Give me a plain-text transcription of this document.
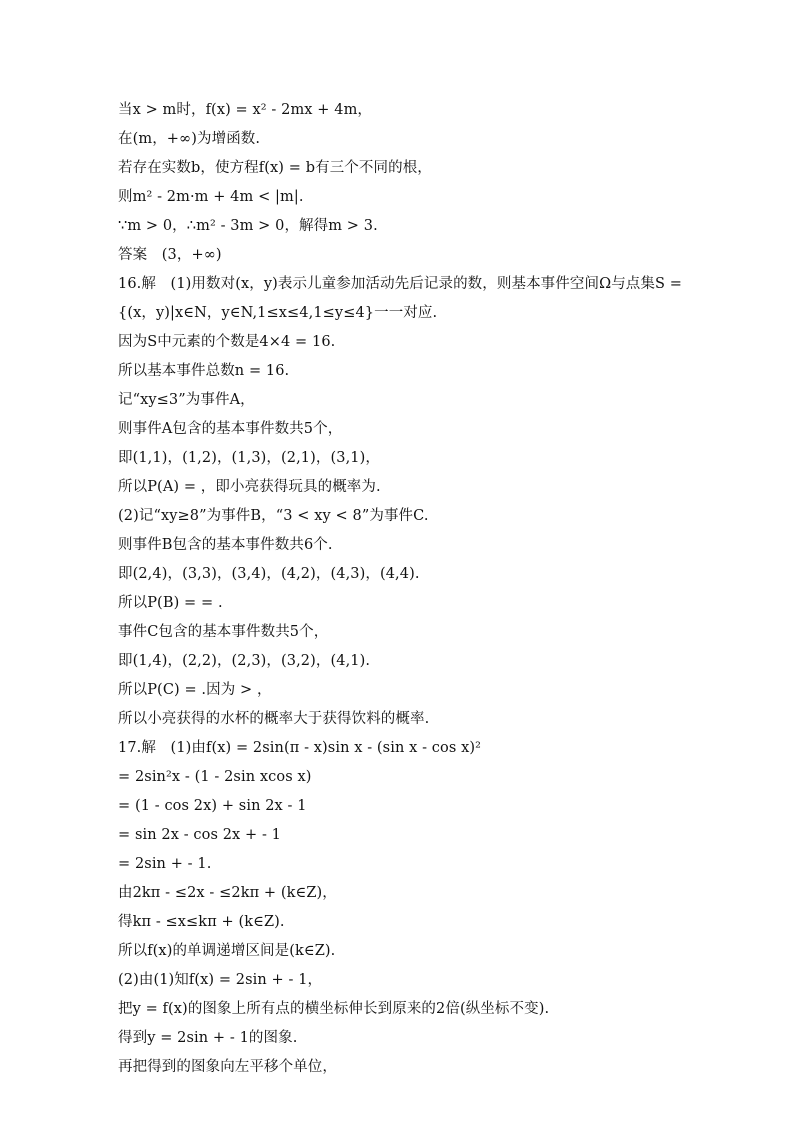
当x > m时，f(x) = x² - 2mx + 4m，
在(m，+∞)为增函数.
若存在实数b，使方程f(x) = b有三个不同的根，
则m² - 2m·m + 4m < |m|.
∵m > 0，∴m² - 3m > 0，解得m > 3.
答案　(3，+∞)
16.解　(1)用数对(x，y)表示儿童参加活动先后记录的数，则基本事件空间Ω与点集S =
{(x，y)|x∈N，y∈N,1≤x≤4,1≤y≤4}一一对应.
因为S中元素的个数是4×4 = 16.
所以基本事件总数n = 16.
记“xy≤3”为事件A，
则事件A包含的基本事件数共5个，
即(1,1)，(1,2)，(1,3)，(2,1)，(3,1)，
所以P(A) = ，即小亮获得玩具的概率为.
(2)记“xy≥8”为事件B，“3 < xy < 8”为事件C.
则事件B包含的基本事件数共6个.
即(2,4)，(3,3)，(3,4)，(4,2)，(4,3)，(4,4).
所以P(B) = = .
事件C包含的基本事件数共5个，
即(1,4)，(2,2)，(2,3)，(3,2)，(4,1).
所以P(C) = .因为 > ，
所以小亮获得的水杯的概率大于获得饮料的概率.
17.解　(1)由f(x) = 2sin(π - x)sin x - (sin x - cos x)²
= 2sin²x - (1 - 2sin xcos x)
= (1 - cos 2x) + sin 2x - 1
= sin 2x - cos 2x + - 1
= 2sin + - 1.
由2kπ - ≤2x - ≤2kπ + (k∈Z)，
得kπ - ≤x≤kπ + (k∈Z).
所以f(x)的单调递增区间是(k∈Z).
(2)由(1)知f(x) = 2sin + - 1，
把y = f(x)的图象上所有点的横坐标伸长到原来的2倍(纵坐标不变).
得到y = 2sin + - 1的图象.
再把得到的图象向左平移个单位，
